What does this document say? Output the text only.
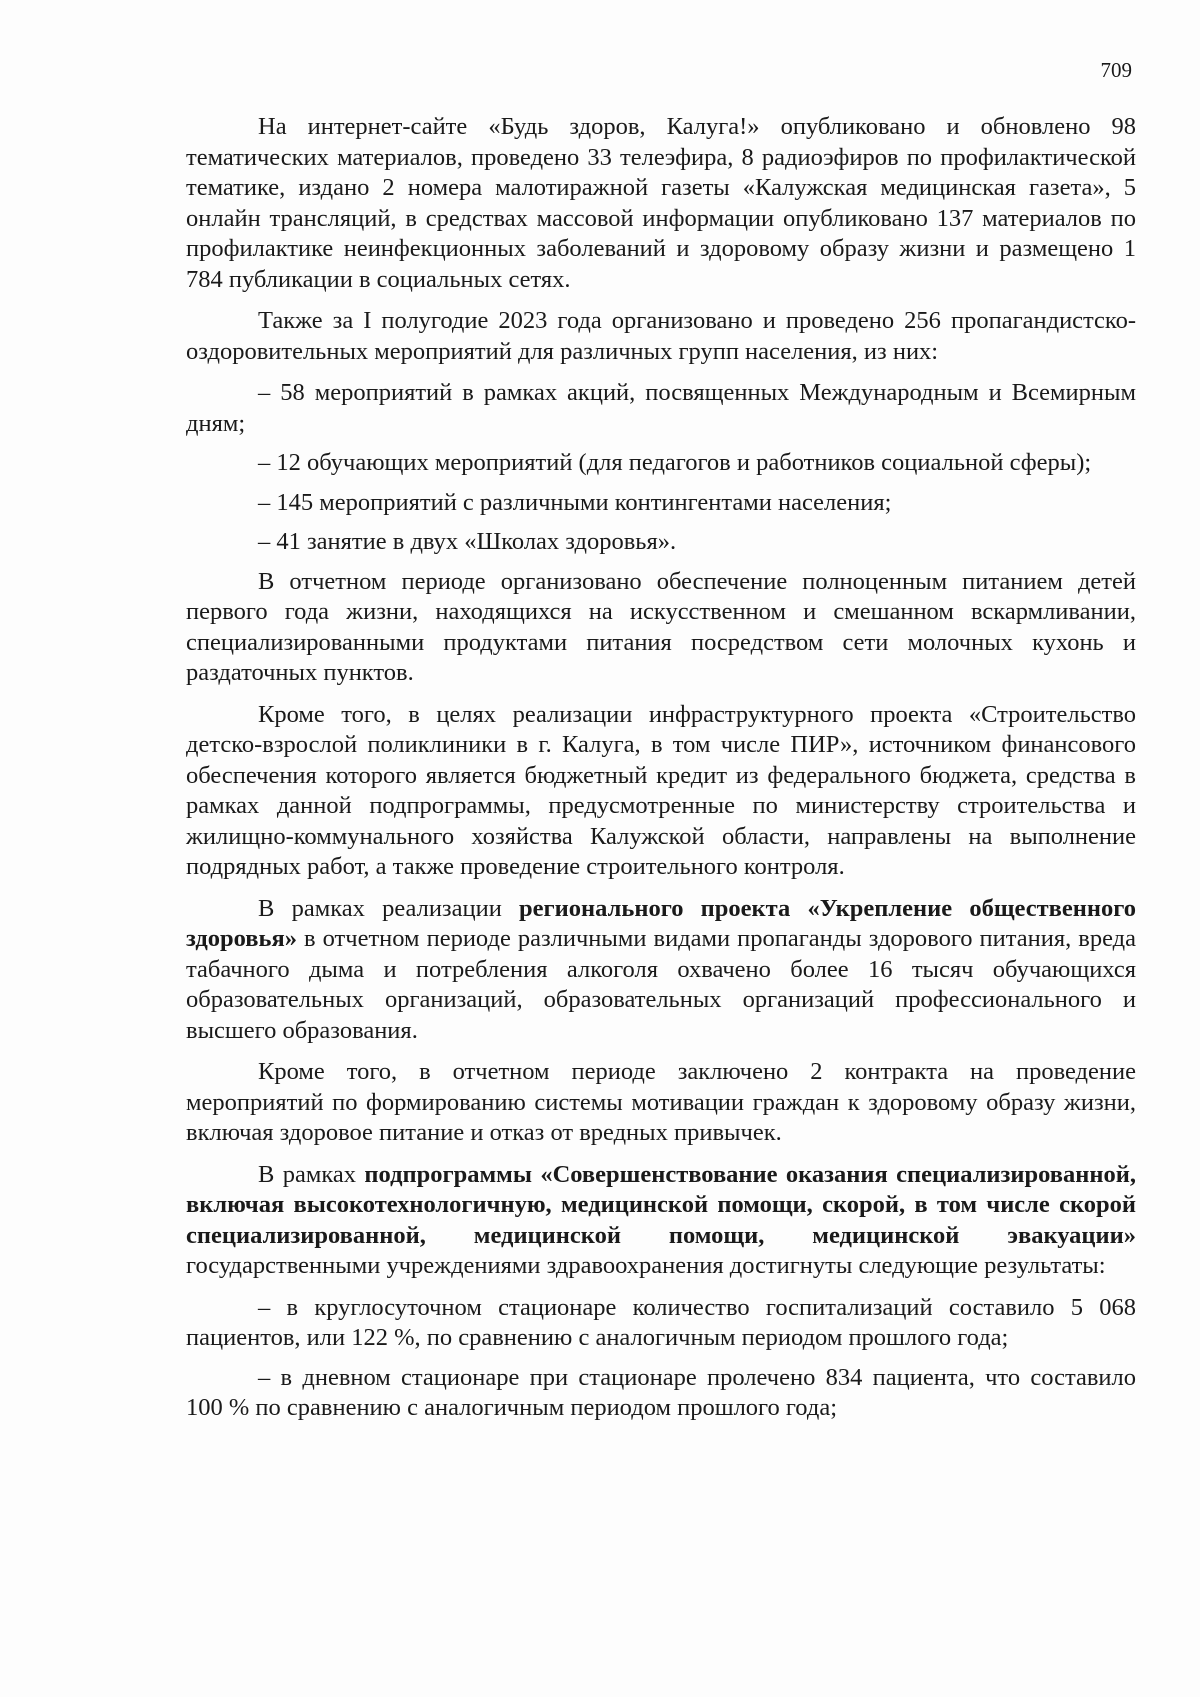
709

На интернет-сайте «Будь здоров, Калуга!» опубликовано и обновлено 98 тематических материалов, проведено 33 телеэфира, 8 радиоэфиров по профилактической тематике, издано 2 номера малотиражной газеты «Калужская медицинская газета», 5 онлайн трансляций, в средствах массовой информации опубликовано 137 материалов по профилактике неинфекционных заболеваний и здоровому образу жизни и размещено 1 784 публикации в социальных сетях.

Также за I полугодие 2023 года организовано и проведено 256 пропагандистско-оздоровительных мероприятий для различных групп населения, из них:

– 58 мероприятий в рамках акций, посвященных Международным и Всемирным дням;

– 12 обучающих мероприятий (для педагогов и работников социальной сферы);

– 145 мероприятий с различными контингентами населения;

– 41 занятие в двух «Школах здоровья».

В отчетном периоде организовано обеспечение полноценным питанием детей первого года жизни, находящихся на искусственном и смешанном вскармливании, специализированными продуктами питания посредством сети молочных кухонь и раздаточных пунктов.

Кроме того, в целях реализации инфраструктурного проекта «Строительство детско-взрослой поликлиники в г. Калуга, в том числе ПИР», источником финансового обеспечения которого является бюджетный кредит из федерального бюджета, средства в рамках данной подпрограммы, предусмотренные по министерству строительства и жилищно-коммунального хозяйства Калужской области, направлены на выполнение подрядных работ, а также проведение строительного контроля.

В рамках реализации регионального проекта «Укрепление общественного здоровья» в отчетном периоде различными видами пропаганды здорового питания, вреда табачного дыма и потребления алкоголя охвачено более 16 тысяч обучающихся образовательных организаций, образовательных организаций профессионального и высшего образования.

Кроме того, в отчетном периоде заключено 2 контракта на проведение мероприятий по формированию системы мотивации граждан к здоровому образу жизни, включая здоровое питание и отказ от вредных привычек.

В рамках подпрограммы «Совершенствование оказания специализированной, включая высокотехнологичную, медицинской помощи, скорой, в том числе скорой специализированной, медицинской помощи, медицинской эвакуации» государственными учреждениями здравоохранения достигнуты следующие результаты:

– в круглосуточном стационаре количество госпитализаций составило 5 068 пациентов, или 122 %, по сравнению с аналогичным периодом прошлого года;

– в дневном стационаре при стационаре пролечено 834 пациента, что составило 100 % по сравнению с аналогичным периодом прошлого года;
